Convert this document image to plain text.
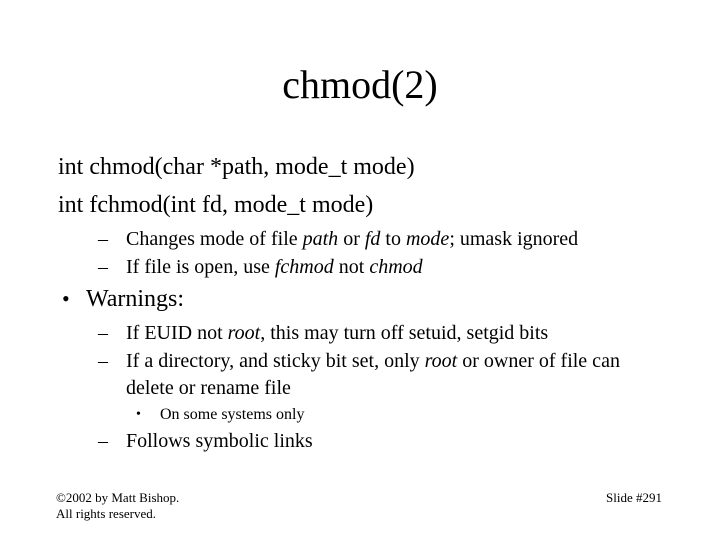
chmod(2)
int chmod(char *path, mode_t mode)
int fchmod(int fd, mode_t mode)
– Changes mode of file path or fd to mode; umask ignored
– If file is open, use fchmod not chmod
• Warnings:
– If EUID not root, this may turn off setuid, setgid bits
– If a directory, and sticky bit set, only root or owner of file can delete or rename file
• On some systems only
– Follows symbolic links
©2002 by Matt Bishop.
All rights reserved.
Slide #291
